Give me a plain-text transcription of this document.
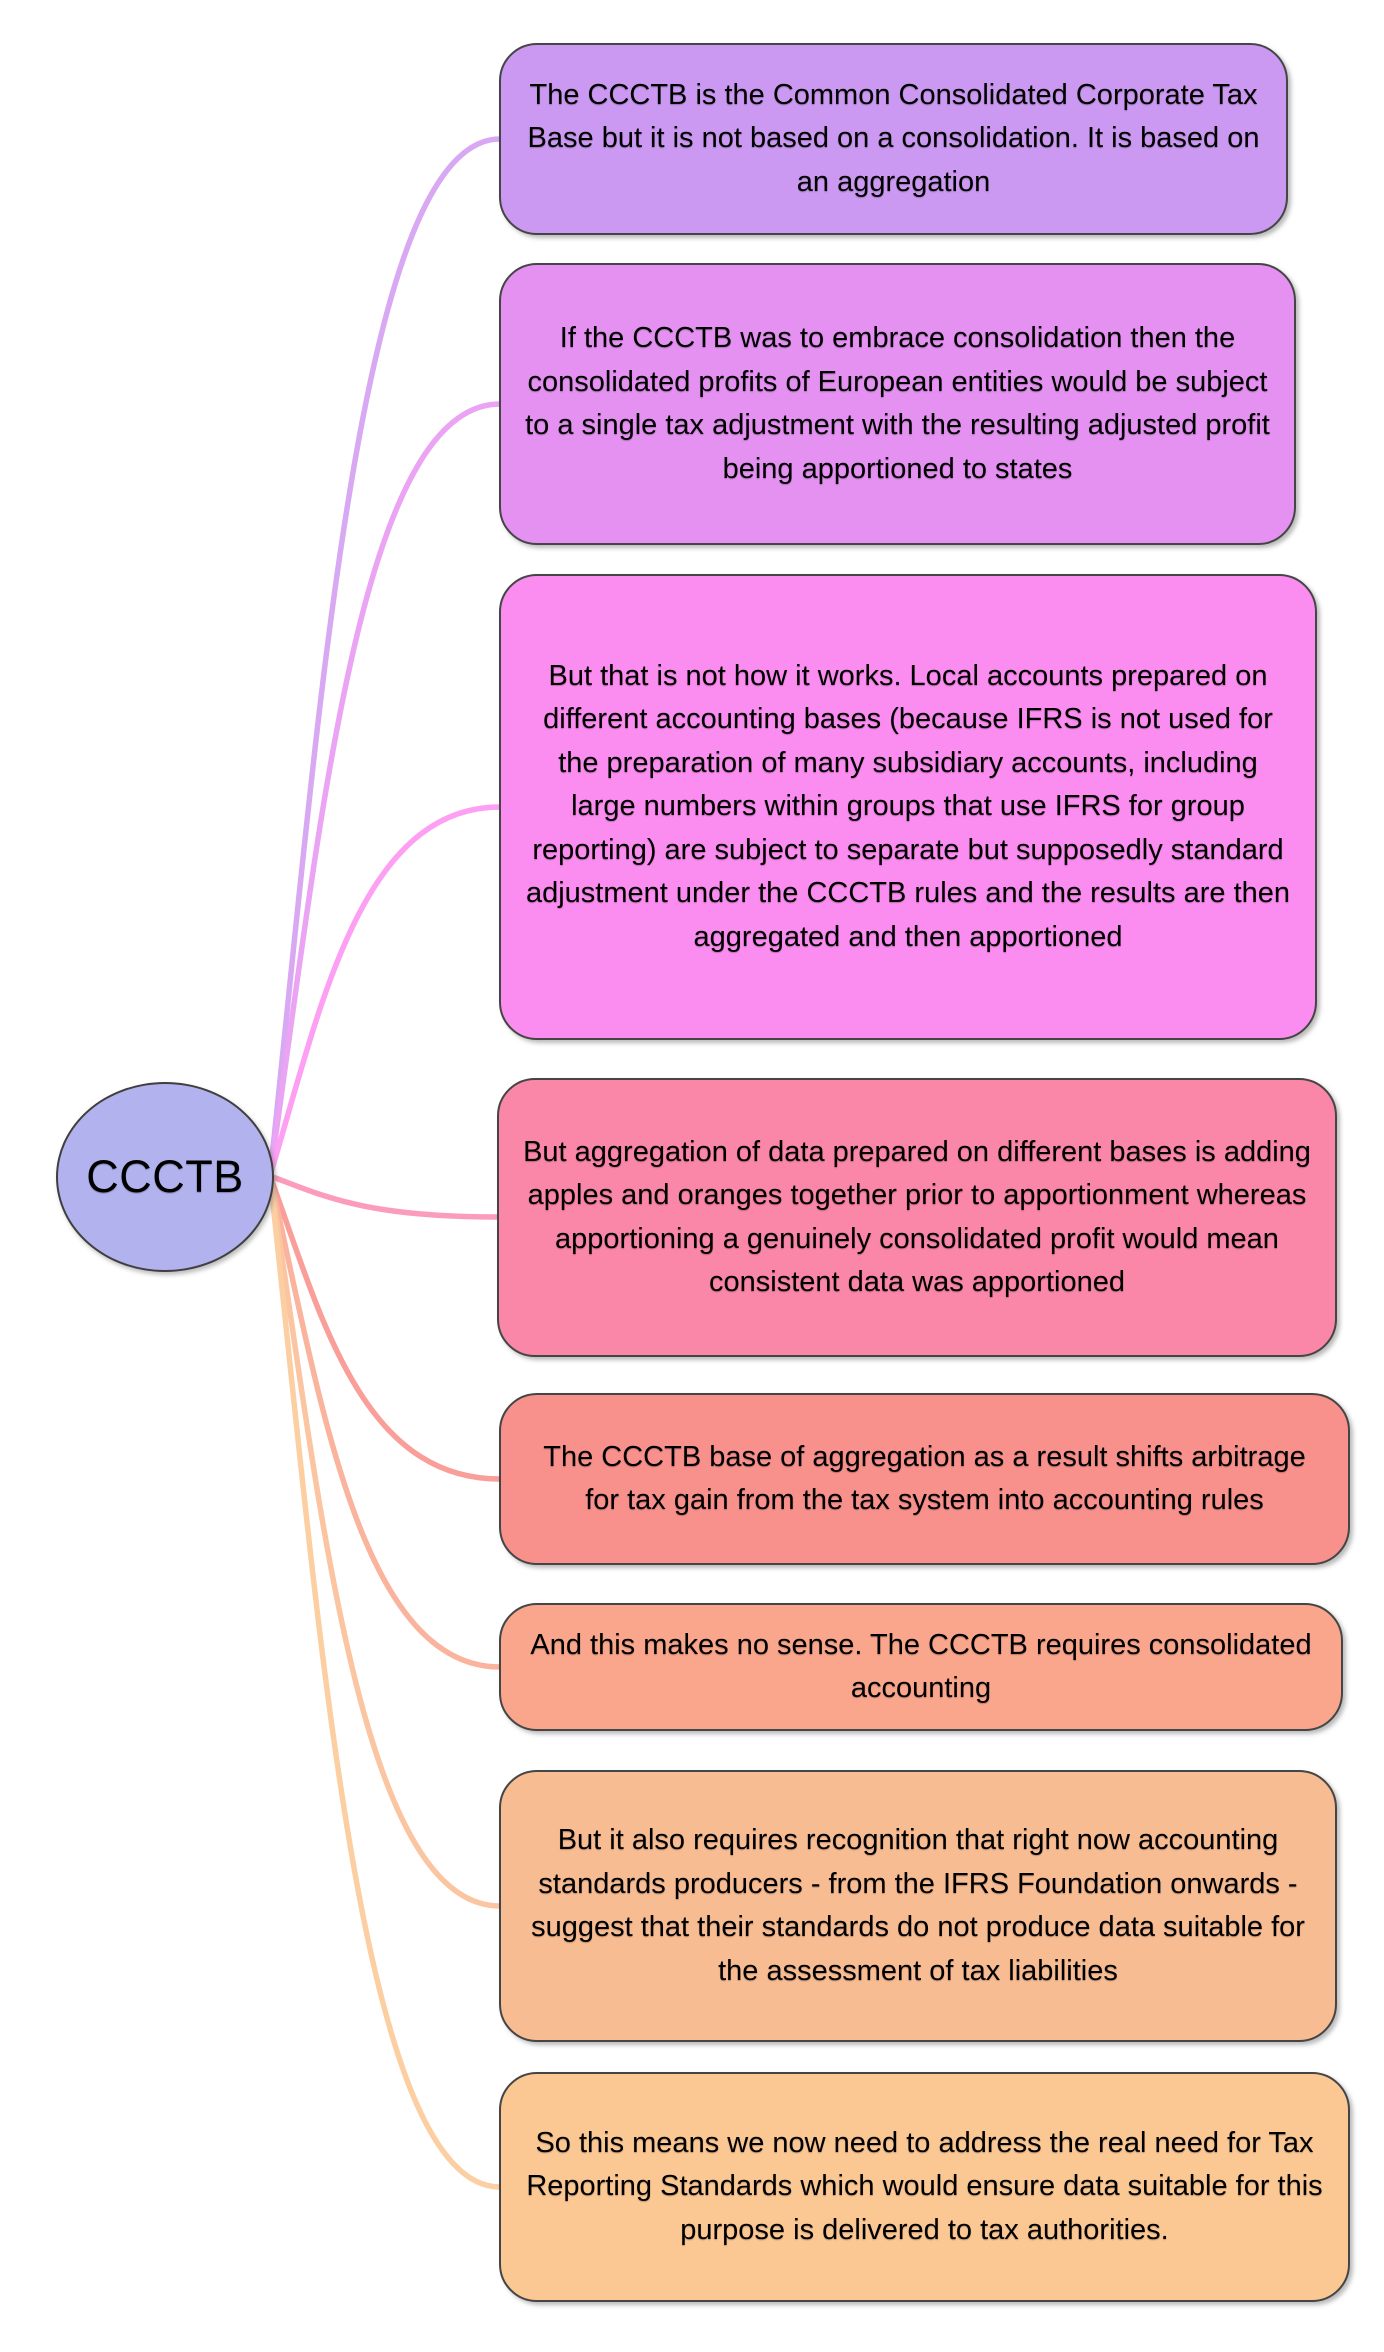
CCCTB
The CCCTB is the Common Consolidated Corporate Tax Base but it is not based on a consolidation. It is based on an aggregation
If the CCCTB was to embrace consolidation then the consolidated profits of European entities would be subject to a single tax adjustment with the resulting adjusted profit being apportioned to states
But that is not how it works. Local accounts prepared on different accounting bases (because IFRS is not used for the preparation of many subsidiary accounts, including large numbers within groups that use IFRS for group reporting) are subject to separate but supposedly standard adjustment under the CCCTB rules and the results are then aggregated and then apportioned
But aggregation of data prepared on different bases is adding apples and oranges together prior to apportionment whereas apportioning a genuinely consolidated profit would mean consistent data was apportioned
The CCCTB base of aggregation as a result shifts arbitrage for tax gain from the tax system into accounting rules
And this makes no sense. The CCCTB requires consolidated accounting
But it also requires recognition that right now accounting standards producers - from the IFRS Foundation onwards - suggest that their standards do not produce data suitable for the assessment of tax liabilities
So this means we now need to address the real need for Tax Reporting Standards which would ensure data suitable for this purpose is delivered to tax authorities.
